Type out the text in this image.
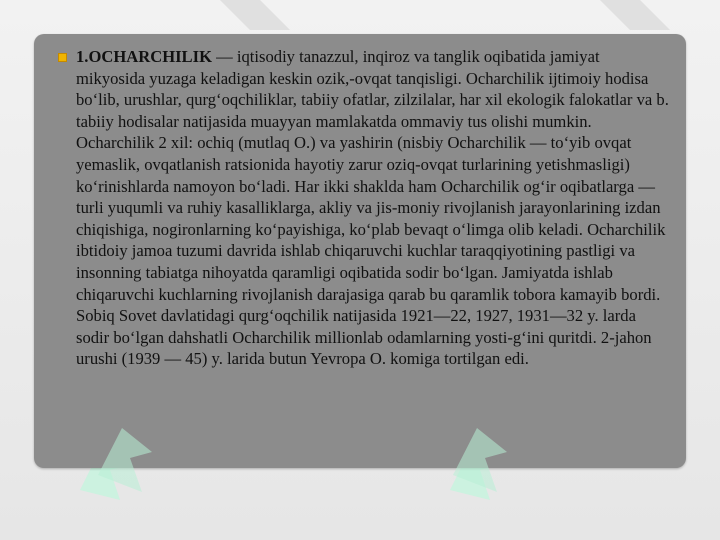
1.OCHARCHILIK — iqtisodiy tanazzul, inqiroz va tanglik oqibatida jamiyat mikyosida yuzaga keladigan keskin ozik,-ovqat tanqisligi. Ocharchilik ijtimoiy hodisa bo‘lib, urushlar, qurg‘oqchiliklar, tabiiy ofatlar, zilzilalar, har xil ekologik falokatlar va b. tabiiy hodisalar natijasida muayyan mamlakatda ommaviy tus olishi mumkin. Ocharchilik 2 xil: ochiq (mutlaq O.) va yashirin (nisbiy Ocharchilik — to‘yib ovqat yemaslik, ovqatlanish ratsionida hayotiy zarur oziq-ovqat turlarining yetishmasligi) ko‘rinishlarda namoyon bo‘ladi. Har ikki shaklda ham Ocharchilik og‘ir oqibatlarga — turli yuqumli va ruhiy kasalliklarga, akliy va jis-moniy rivojlanish jarayonlarining izdan chiqishiga, nogironlarning ko‘payishiga, ko‘plab bevaqt o‘limga olib keladi. Ocharchilik ibtidoiy jamoa tuzumi davrida ishlab chiqaruvchi kuchlar taraqqiyotining pastligi va insonning tabiatga nihoyatda qaramligi oqibatida sodir bo‘lgan. Jamiyatda ishlab chiqaruvchi kuchlarning rivojlanish darajasiga qarab bu qaramlik tobora kamayib bordi. Sobiq Sovet davlatidagi qurg‘oqchilik natijasida 1921—22, 1927, 1931—32 y. larda sodir bo‘lgan dahshatli Ocharchilik millionlab odamlarning yosti-g‘ini quritdi. 2-jahon urushi (1939 — 45) y. larida butun Yevropa O. komiga tortilgan edi.
